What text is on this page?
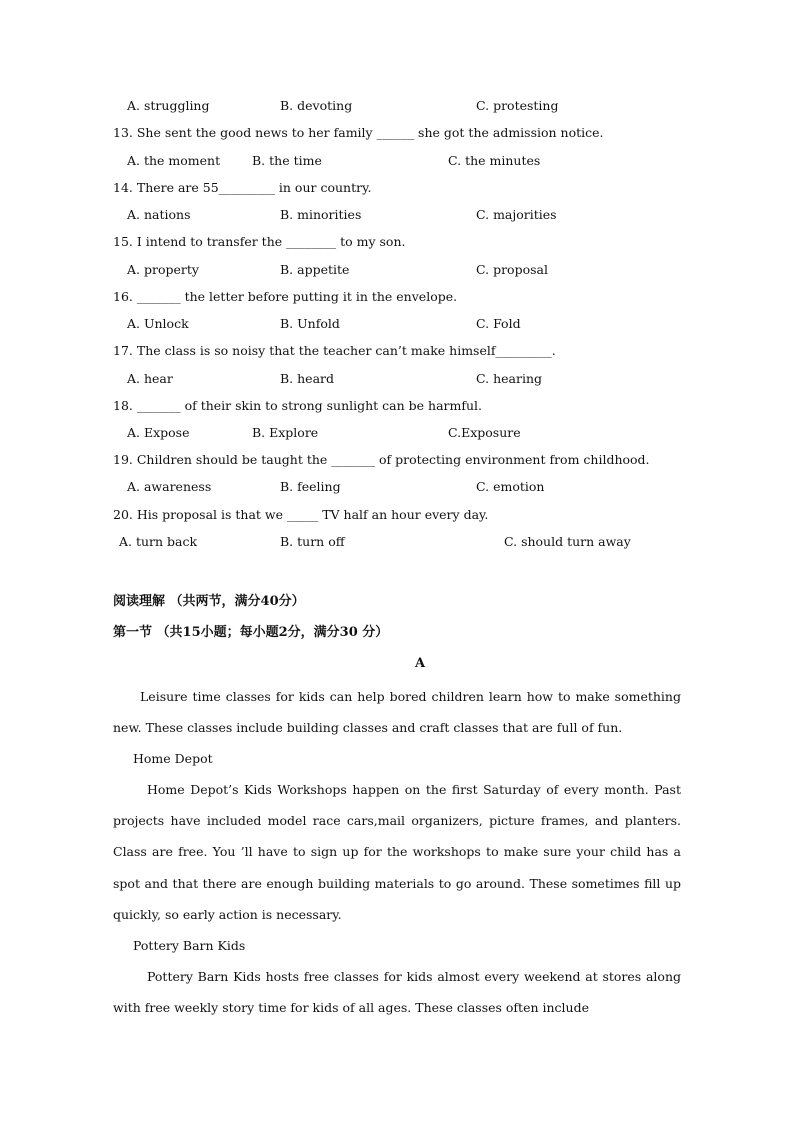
A. struggling	B. devoting	C. protesting
13. She sent the good news to her family ______ she got the admission notice.
A. the moment	B. the time	C. the minutes
14. There are 55_________ in our country.
A. nations	B. minorities	C. majorities
15. I intend to transfer the ________ to my son.
A. property	B. appetite	C. proposal
16. _______ the letter before putting it in the envelope.
A. Unlock	B. Unfold	C. Fold
17. The class is so noisy that the teacher can’t make himself_________.
A. hear	B. heard	C. hearing
18. _______ of their skin to strong sunlight can be harmful.
A. Expose	B. Explore	C.Exposure
19. Children should be taught the _______ of protecting environment from childhood.
A. awareness	B. feeling	C. emotion
20. His proposal is that we _____ TV half an hour every day.
A. turn back	B. turn off	C. should turn away
阅读理解 （共两节，满分40分）
第一节 （共15小题；每小题2分，满分30 分）
A
Leisure time classes for kids can help bored children learn how to make something new. These classes include building classes and craft classes that are full of fun.
Home Depot
Home Depot’s Kids Workshops happen on the first Saturday of every month. Past projects have included model race cars,mail organizers, picture frames, and planters. Class are free. You ’ll have to sign up for the workshops to make sure your child has a spot and that there are enough building materials to go around. These sometimes fill up quickly, so early action is necessary.
Pottery Barn Kids
Pottery Barn Kids hosts free classes for kids almost every weekend at stores along with free weekly story time for kids of all ages. These classes often include
